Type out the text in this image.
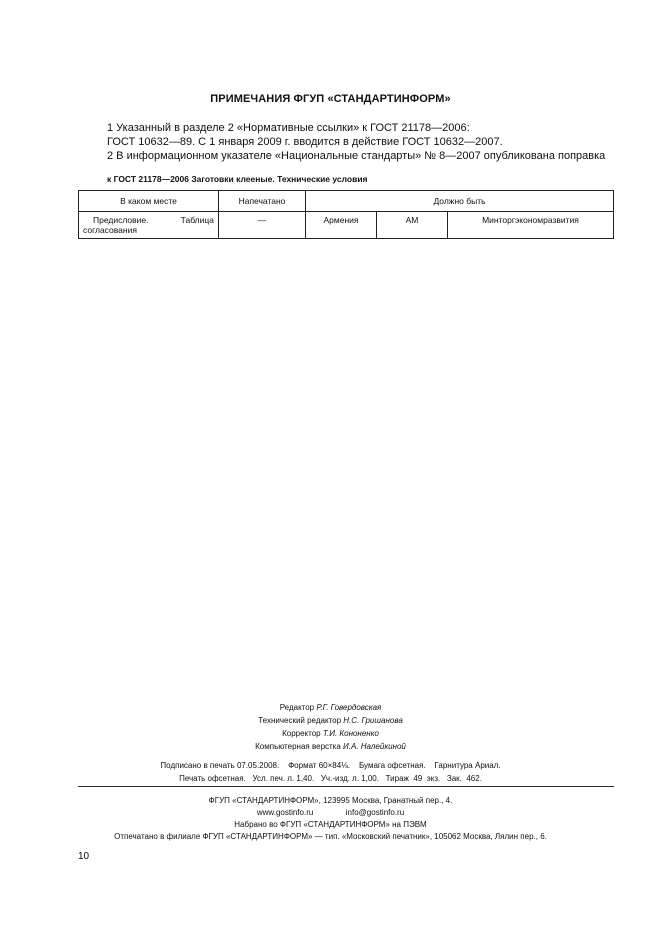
ПРИМЕЧАНИЯ ФГУП «СТАНДАРТИНФОРМ»
1 Указанный в разделе 2 «Нормативные ссылки» к ГОСТ 21178—2006:
ГОСТ 10632—89. С 1 января 2009 г. вводится в действие ГОСТ 10632—2007.
2 В информационном указателе «Национальные стандарты» № 8—2007 опубликована поправка
к ГОСТ 21178—2006 Заготовки клееные. Технические условия
В каком месте	Напечатано	Должно быть		
Предисловие. Таблица согласования	—	Армения	AM	Минторгэкономразвития
Редактор Р.Г. Говердовская
Технический редактор Н.С. Гришанова
Корректор Т.И. Кононенко
Компьютерная верстка И.А. Налейкиной
Подписано в печать 07.05.2008.    Формат 60×84⅛.    Бумага офсетная.    Гарнитура Ариал.
Печать офсетная.   Усл. печ. л. 1,40.   Уч.-изд. л. 1,00.   Тираж  49  экз.   Зак.  462.
ФГУП «СТАНДАРТИНФОРМ», 123995 Москва, Гранатный пер., 4.
www.gostinfo.ru	info@gostinfo.ru
Набрано во ФГУП «СТАНДАРТИНФОРМ» на ПЭВМ
Отпечатано в филиале ФГУП «СТАНДАРТИНФОРМ» — тип. «Московский печатник», 105062 Москва, Лялин пер., 6.
10
